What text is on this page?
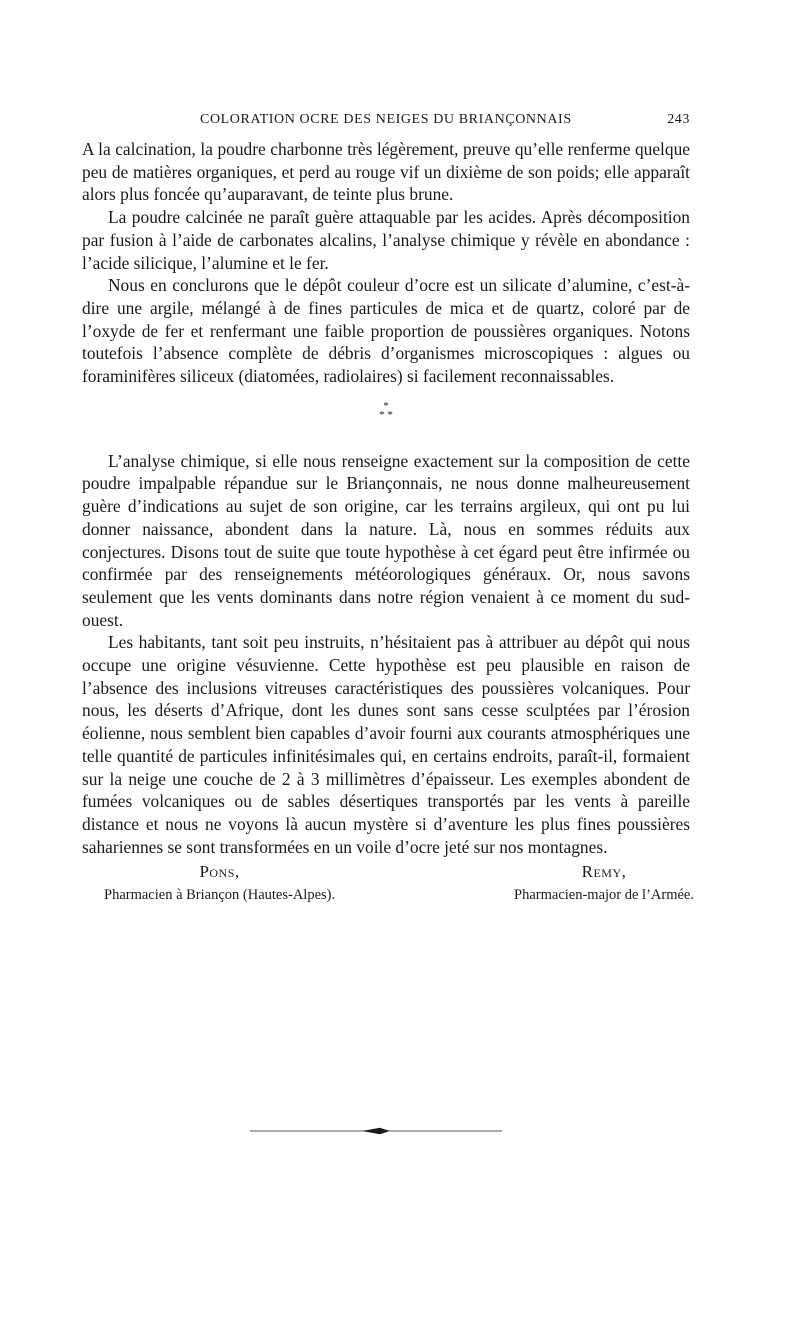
COLORATION OCRE DES NEIGES DU BRIANÇONNAIS	243

A la calcination, la poudre charbonne très légèrement, preuve qu’elle renferme quelque peu de matières organiques, et perd au rouge vif un dixième de son poids; elle apparaît alors plus foncée qu’auparavant, de teinte plus brune.

La poudre calcinée ne paraît guère attaquable par les acides. Après décomposition par fusion à l’aide de carbonates alcalins, l’analyse chimique y révèle en abondance : l’acide silicique, l’alumine et le fer.

Nous en conclurons que le dépôt couleur d’ocre est un silicate d’alumine, c’est-à-dire une argile, mélangé à de fines particules de mica et de quartz, coloré par de l’oxyde de fer et renfermant une faible proportion de poussières organiques. Notons toutefois l’absence complète de débris d’organismes microscopiques : algues ou foraminifères siliceux (diatomées, radiolaires) si facilement reconnaissables.

*
* *

L’analyse chimique, si elle nous renseigne exactement sur la composition de cette poudre impalpable répandue sur le Briançonnais, ne nous donne malheureusement guère d’indications au sujet de son origine, car les terrains argileux, qui ont pu lui donner naissance, abondent dans la nature. Là, nous en sommes réduits aux conjectures. Disons tout de suite que toute hypothèse à cet égard peut être infirmée ou confirmée par des renseignements météorologiques généraux. Or, nous savons seulement que les vents dominants dans notre région venaient à ce moment du sud-ouest.

Les habitants, tant soit peu instruits, n’hésitaient pas à attribuer au dépôt qui nous occupe une origine vésuvienne. Cette hypothèse est peu plausible en raison de l’absence des inclusions vitreuses caractéristiques des poussières volcaniques. Pour nous, les déserts d’Afrique, dont les dunes sont sans cesse sculptées par l’érosion éolienne, nous semblent bien capables d’avoir fourni aux courants atmosphériques une telle quantité de particules infinitésimales qui, en certains endroits, paraît-il, formaient sur la neige une couche de 2 à 3 millimètres d’épaisseur. Les exemples abondent de fumées volcaniques ou de sables désertiques transportés par les vents à pareille distance et nous ne voyons là aucun mystère si d’aventure les plus fines poussières sahariennes se sont transformées en un voile d’ocre jeté sur nos montagnes.

Pons,
Pharmacien à Briançon (Hautes-Alpes).
Remy,
Pharmacien-major de l’Armée.
